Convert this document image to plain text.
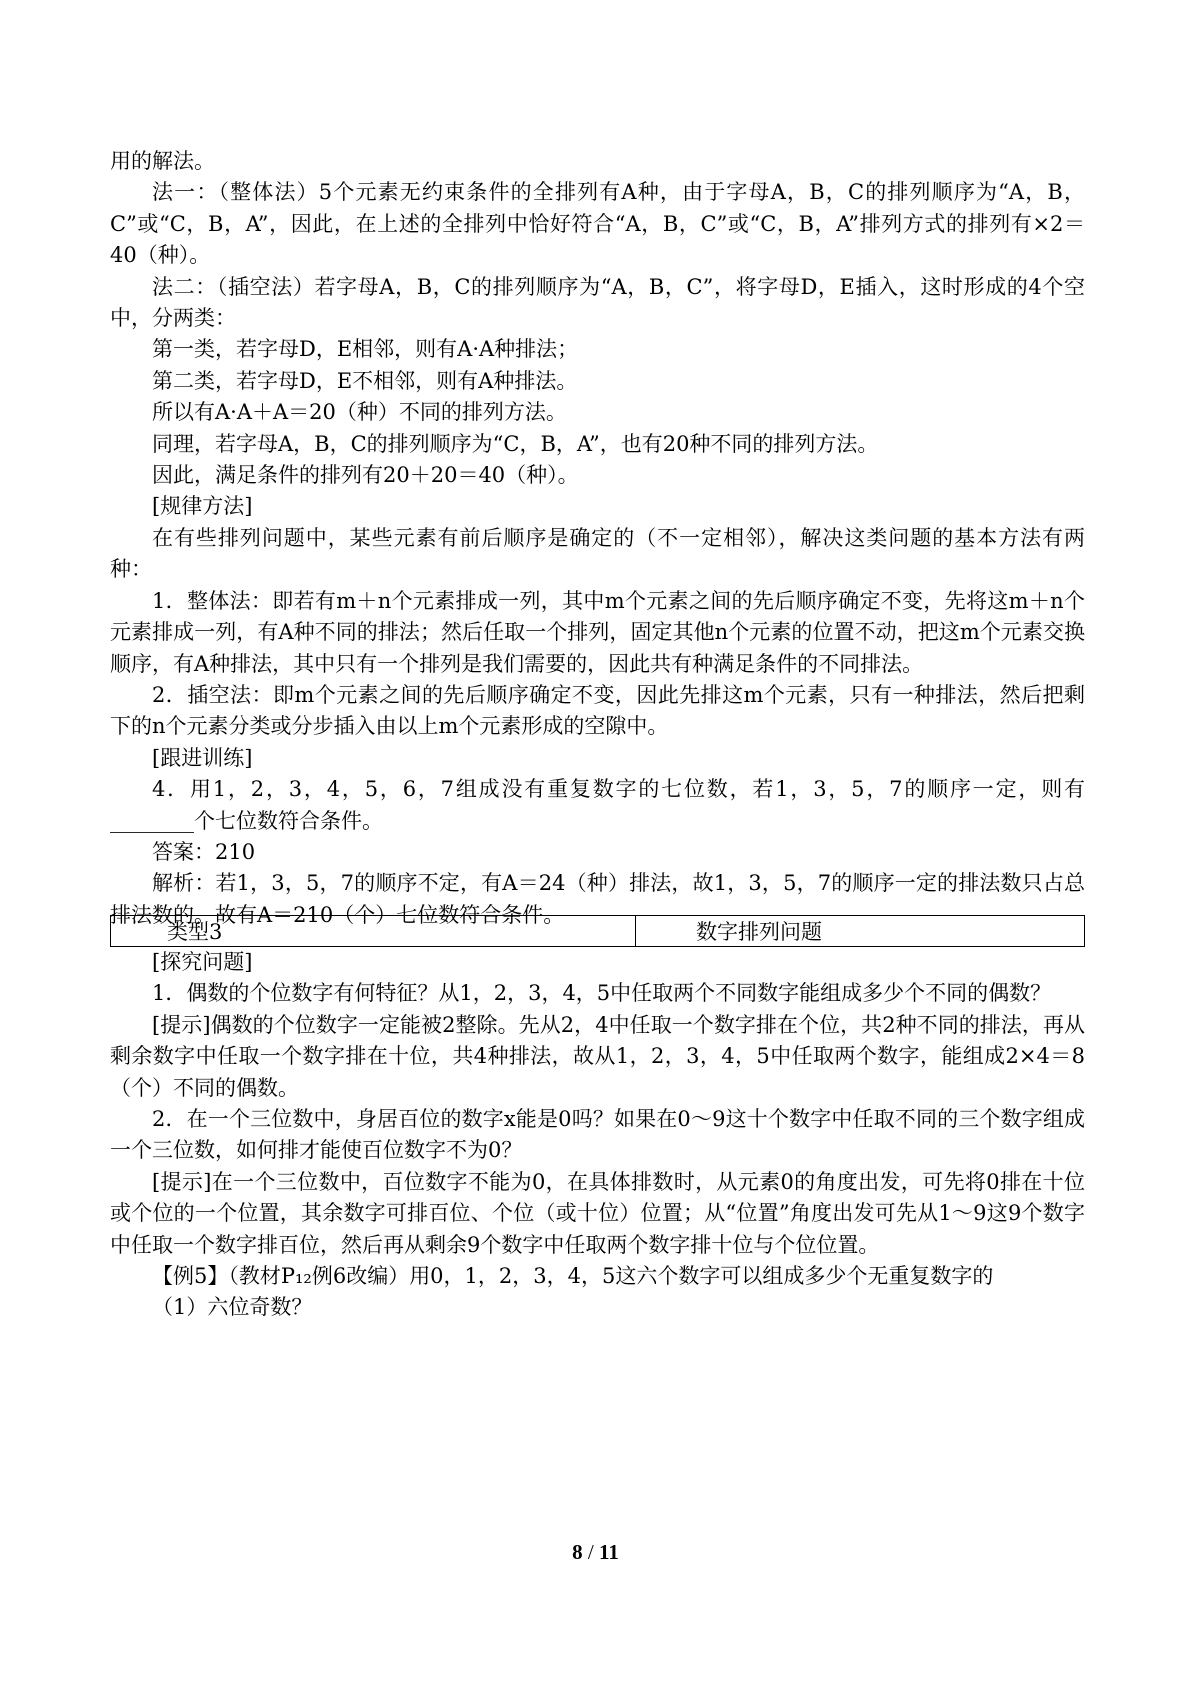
用的解法。

法一：（整体法）5个元素无约束条件的全排列有A种，由于字母A，B，C的排列顺序为“A，B，C”或“C，B，A”，因此，在上述的全排列中恰好符合“A，B，C”或“C，B，A”排列方式的排列有×2＝40（种）。

法二：（插空法）若字母A，B，C的排列顺序为“A，B，C”，将字母D，E插入，这时形成的4个空中，分两类：

第一类，若字母D，E相邻，则有A·A种排法；

第二类，若字母D，E不相邻，则有A种排法。

所以有A·A＋A＝20（种）不同的排列方法。

同理，若字母A，B，C的排列顺序为“C，B，A”，也有20种不同的排列方法。

因此，满足条件的排列有20＋20＝40（种）。

[规律方法]

在有些排列问题中，某些元素有前后顺序是确定的（不一定相邻），解决这类问题的基本方法有两种：

1．整体法：即若有m＋n个元素排成一列，其中m个元素之间的先后顺序确定不变，先将这m＋n个元素排成一列，有A种不同的排法；然后任取一个排列，固定其他n个元素的位置不动，把这m个元素交换顺序，有A种排法，其中只有一个排列是我们需要的，因此共有种满足条件的不同排法。

2．插空法：即m个元素之间的先后顺序确定不变，因此先排这m个元素，只有一种排法，然后把剩下的n个元素分类或分步插入由以上m个元素形成的空隙中。

[跟进训练]

4．用1，2，3，4，5，6，7组成没有重复数字的七位数，若1，3，5，7的顺序一定，则有________个七位数符合条件。

答案：210

解析：若1，3，5，7的顺序不定，有A＝24（种）排法，故1，3，5，7的顺序一定的排法数只占总排法数的。故有A＝210（个）七位数符合条件。

类型3	数字排列问题

[探究问题]

1．偶数的个位数字有何特征？从1，2，3，4，5中任取两个不同数字能组成多少个不同的偶数？

[提示]偶数的个位数字一定能被2整除。先从2，4中任取一个数字排在个位，共2种不同的排法，再从剩余数字中任取一个数字排在十位，共4种排法，故从1，2，3，4，5中任取两个数字，能组成2×4＝8（个）不同的偶数。

2．在一个三位数中，身居百位的数字x能是0吗？如果在0～9这十个数字中任取不同的三个数字组成一个三位数，如何排才能使百位数字不为0？

[提示]在一个三位数中，百位数字不能为0，在具体排数时，从元素0的角度出发，可先将0排在十位或个位的一个位置，其余数字可排百位、个位（或十位）位置；从“位置”角度出发可先从1～9这9个数字中任取一个数字排百位，然后再从剩余9个数字中任取两个数字排十位与个位位置。

【例5】（教材P₁₂例6改编）用0，1，2，3，4，5这六个数字可以组成多少个无重复数字的

（1）六位奇数？

8 / 11
